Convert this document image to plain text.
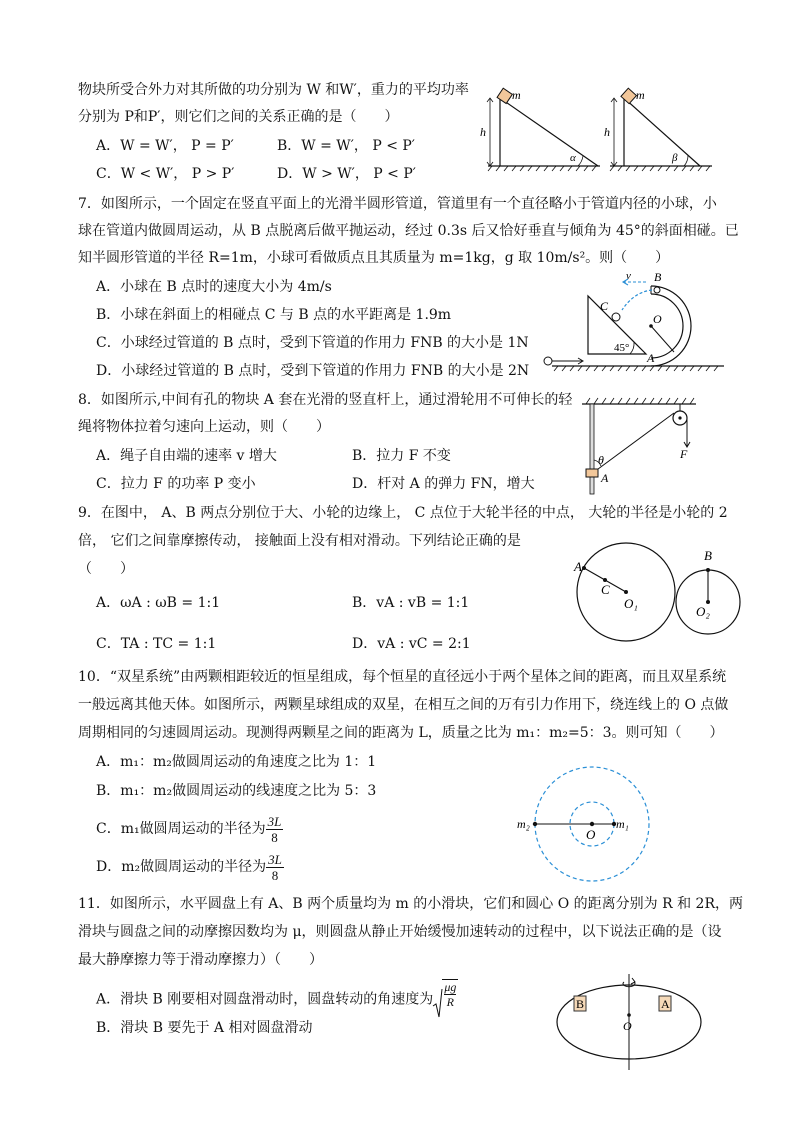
物块所受合外力对其所做的功分别为 W 和W′，重力的平均功率
分别为 P和P′，则它们之间的关系正确的是（　　）
A．W = W′， P = P′	B．W = W′， P < P′
C．W < W′， P > P′	D．W > W′， P < P′
m
h
α
m
h
β
7．如图所示，一个固定在竖直平面上的光滑半圆形管道，管道里有一个直径略小于管道内径的小球，小
球在管道内做圆周运动，从 B 点脱离后做平抛运动，经过 0.3s 后又恰好垂直与倾角为 45°的斜面相碰。已
知半圆形管道的半径 R=1m，小球可看做质点且其质量为 m=1kg，g 取 10m/s²。则（　　）
A．小球在 B 点时的速度大小为 4m/s
B．小球在斜面上的相碰点 C 与 B 点的水平距离是 1.9m
C．小球经过管道的 B 点时，受到下管道的作用力 FNB 的大小是 1N
D．小球经过管道的 B 点时，受到下管道的作用力 FNB 的大小是 2N
v B
C
O
A
45°
8．如图所示,中间有孔的物块 A 套在光滑的竖直杆上，通过滑轮用不可伸长的轻
绳将物体拉着匀速向上运动，则（　　）
A．绳子自由端的速率 v 增大	B．拉力 F 不变
C．拉力 F 的功率 P 变小	D．杆对 A 的弹力 FN，增大
θ
A
F
9．在图中， A、B 两点分别位于大、小轮的边缘上， C 点位于大轮半径的中点， 大轮的半径是小轮的 2
倍， 它们之间靠摩擦传动， 接触面上没有相对滑动。下列结论正确的是
（　　）
A．ωA : ωB = 1:1	B．vA : vB = 1:1
C．TA : TC = 1:1	D．vA : vC = 2:1
A
C
O₁
B
O₂
10．“双星系统”由两颗相距较近的恒星组成，每个恒星的直径远小于两个星体之间的距离，而且双星系统
一般远离其他天体。如图所示，两颗星球组成的双星，在相互之间的万有引力作用下，绕连线上的 O 点做
周期相同的匀速圆周运动。现测得两颗星之间的距离为 L，质量之比为 m₁：m₂=5：3。则可知（　　）
A．m₁：m₂做圆周运动的角速度之比为 1：1
B．m₁：m₂做圆周运动的线速度之比为 5：3
C．m₁做圆周运动的半径为 $\frac{3L}{8}$
D．m₂做圆周运动的半径为 $\frac{3L}{8}$
m₂
O
m₁
11．如图所示，水平圆盘上有 A、B 两个质量均为 m 的小滑块，它们和圆心 O 的距离分别为 R 和 2R，两
滑块与圆盘之间的动摩擦因数均为 μ，则圆盘从静止开始缓慢加速转动的过程中，以下说法正确的是（设
最大静摩擦力等于滑动摩擦力）（　　）
A．滑块 B 刚要相对圆盘滑动时，圆盘转动的角速度为 $\frac{\mu g}{R}$
B．滑块 B 要先于 A 相对圆盘滑动
B	A
O
